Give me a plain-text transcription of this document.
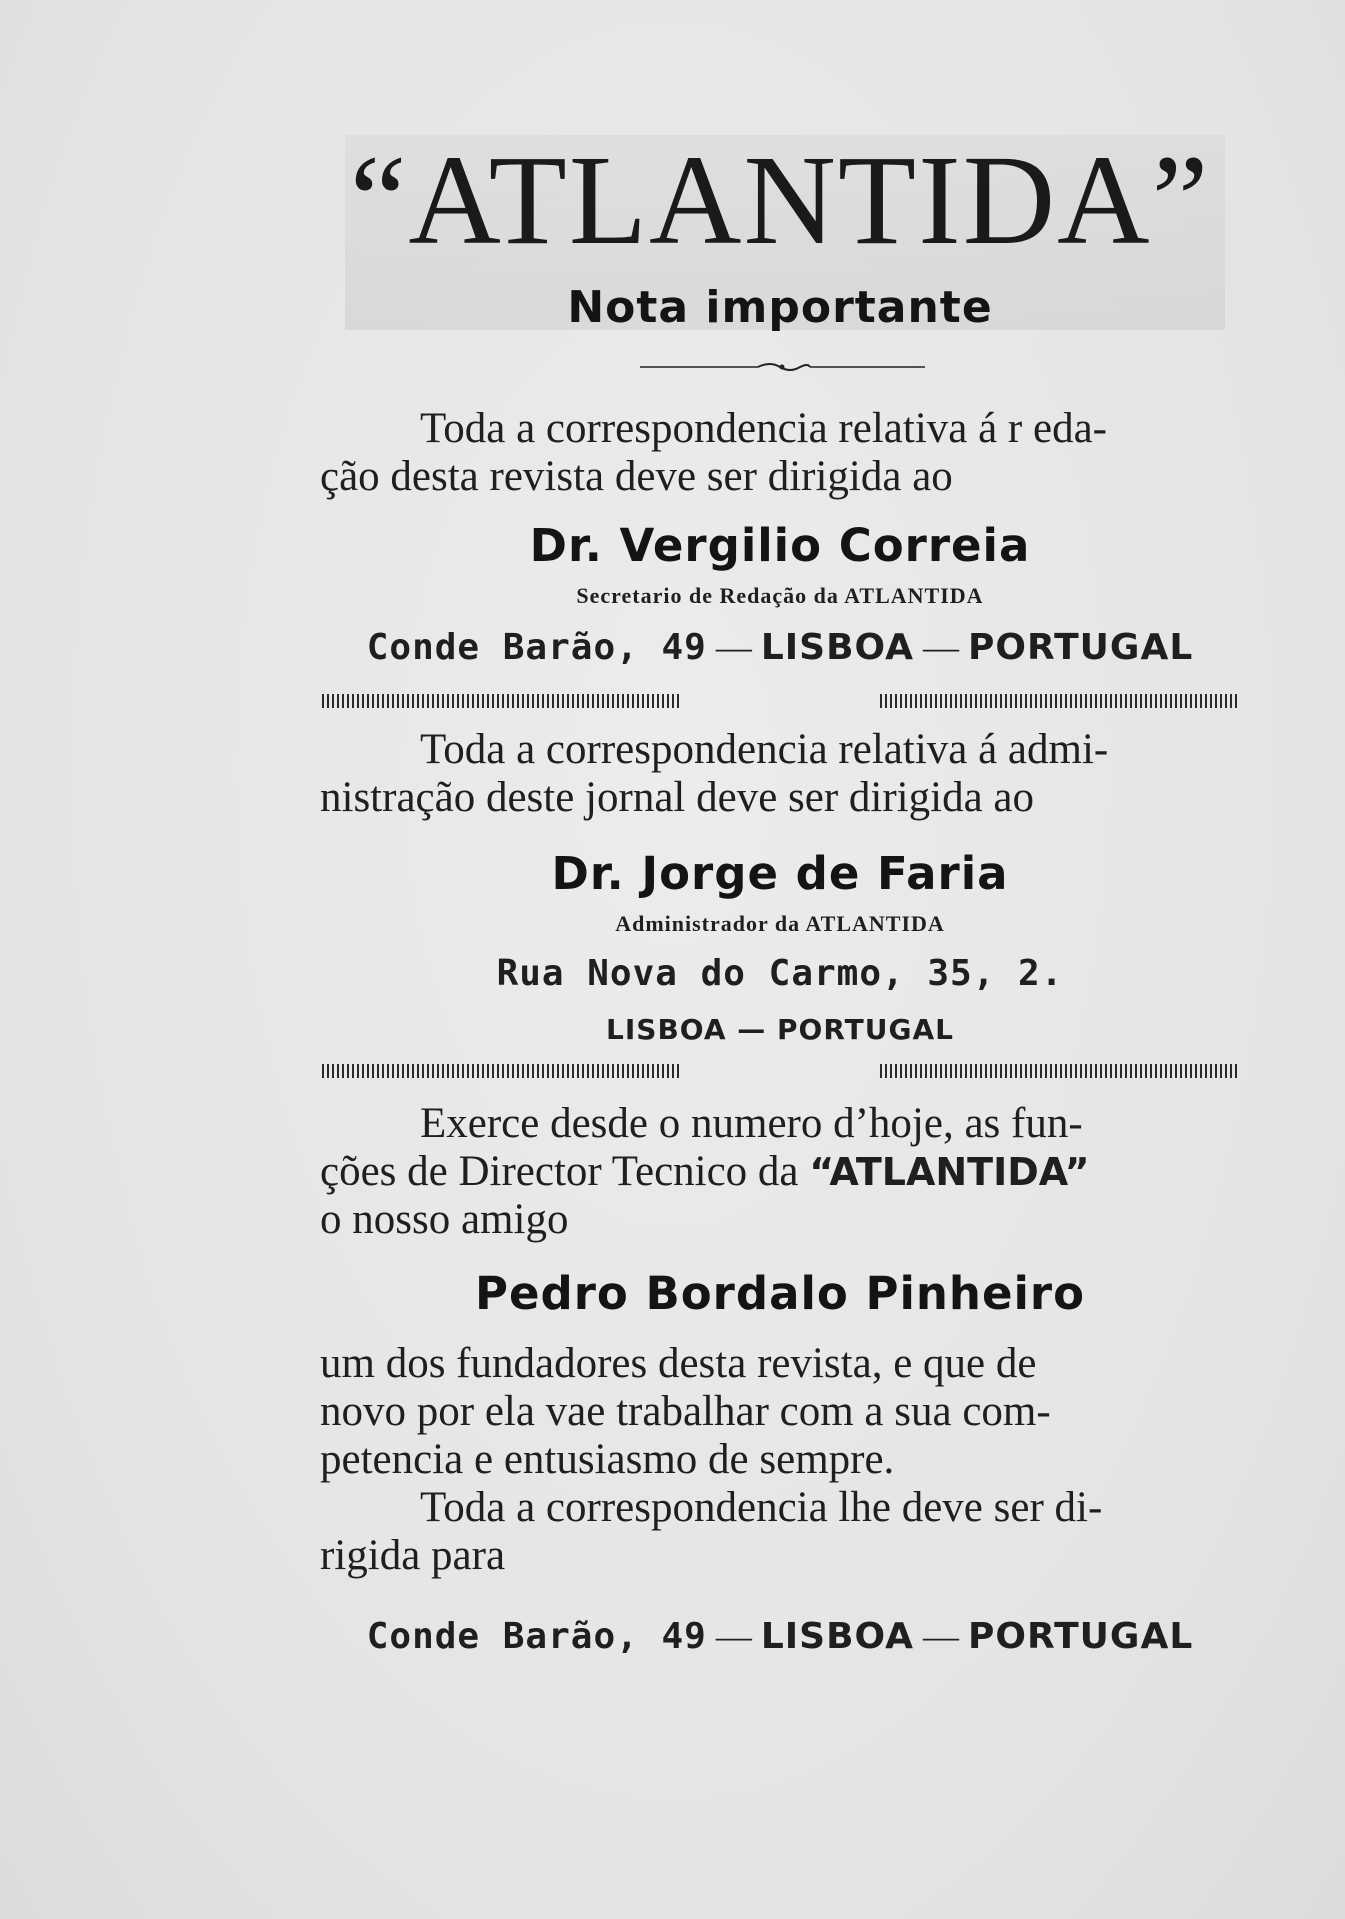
“ATLANTIDA”
Nota importante
Toda a correspondencia relativa á r eda-
ção desta revista deve ser dirigida ao
Dr. Vergilio Correia
Secretario de Redação da ATLANTIDA
Conde Barão, 49 — LISBOA — PORTUGAL
Toda a correspondencia relativa á admi-
nistração deste jornal deve ser dirigida ao
Dr. Jorge de Faria
Administrador da ATLANTIDA
Rua Nova do Carmo, 35, 2.
LISBOA — PORTUGAL
Exerce desde o numero d’hoje, as fun-
ções de Director Tecnico da “ATLANTIDA”
o nosso amigo
Pedro Bordalo Pinheiro
um dos fundadores desta revista, e que de
novo por ela vae trabalhar com a sua com-
petencia e entusiasmo de sempre.
Toda a correspondencia lhe deve ser di-
rigida para
Conde Barão, 49 — LISBOA — PORTUGAL
